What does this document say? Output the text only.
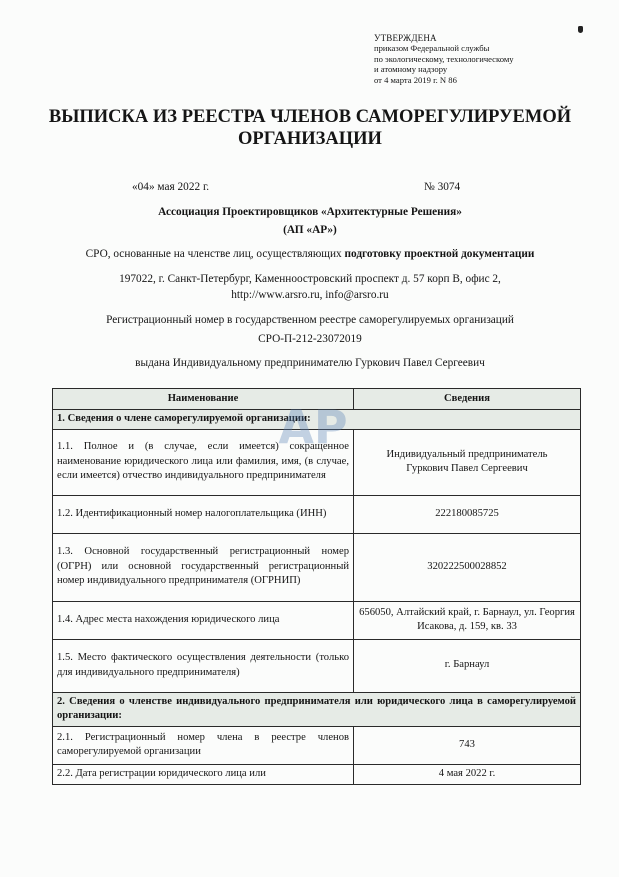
УТВЕРЖДЕНА
приказом Федеральной службы
по экологическому, технологическому
и атомному надзору
от 4 марта 2019 г. N 86
ВЫПИСКА ИЗ РЕЕСТРА ЧЛЕНОВ САМОРЕГУЛИРУЕМОЙ
ОРГАНИЗАЦИИ
«04» мая 2022 г.	№ 3074
Ассоциация Проектировщиков «Архитектурные Решения»
(АП «АР»)
СРО, основанные на членстве лиц, осуществляющих подготовку проектной документации
197022, г. Санкт-Петербург, Каменноостровский проспект д. 57 корп В, офис 2,
http://www.arsro.ru, info@arsro.ru
Регистрационный номер в государственном реестре саморегулируемых организаций
СРО-П-212-23072019
выдана Индивидуальному предпринимателю Гуркович Павел Сергеевич
Наименование	Сведения
1. Сведения о члене саморегулируемой организации:	
1.1. Полное и (в случае, если имеется) сокращенное наименование юридического лица или фамилия, имя, (в случае, если имеется) отчество индивидуального предпринимателя	Индивидуальный предприниматель
Гуркович Павел Сергеевич

1.2. Идентификационный номер налогоплательщика (ИНН)	222180085725
1.3. Основной государственный регистрационный номер (ОГРН) или основной государственный регистрационный номер индивидуального предпринимателя (ОГРНИП)	320222500028852
1.4. Адрес места нахождения юридического лица	656050, Алтайский край, г. Барнаул, ул. Георгия Исакова, д. 159, кв. 33
1.5. Место фактического осуществления деятельности (только для индивидуального предпринимателя)	г. Барнаул
2. Сведения о членстве индивидуального предпринимателя или юридического лица в саморегулируемой организации:	
2.1. Регистрационный номер члена в реестре членов саморегулируемой организации	743
2.2. Дата регистрации юридического лица или	4 мая 2022 г.
АР
